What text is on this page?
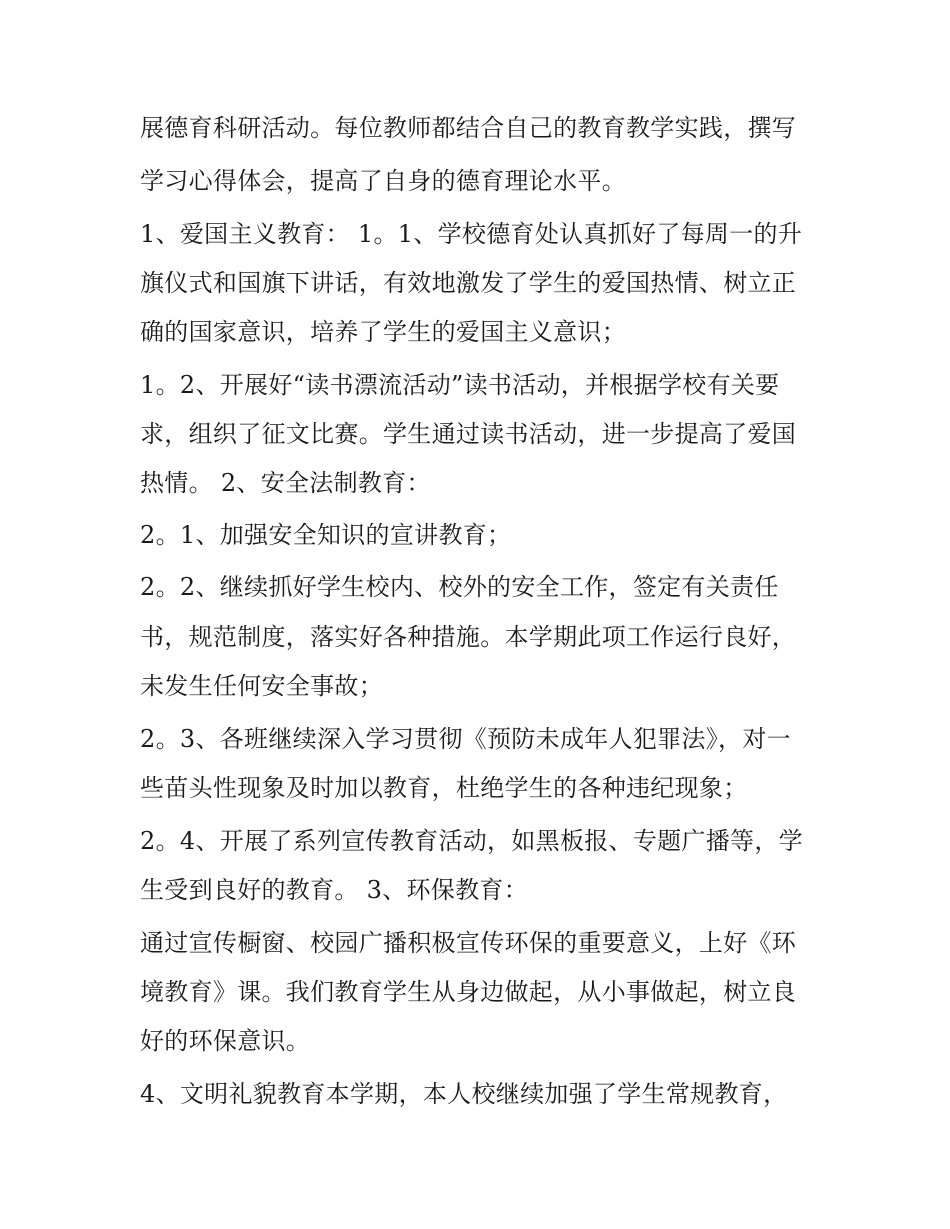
展德育科研活动。每位教师都结合自己的教育教学实践，撰写
学习心得体会，提高了自身的德育理论水平。
1、爱国主义教育： 1。1、学校德育处认真抓好了每周一的升
旗仪式和国旗下讲话，有效地激发了学生的爱国热情、树立正
确的国家意识，培养了学生的爱国主义意识；
1。2、开展好“读书漂流活动”读书活动，并根据学校有关要
求，组织了征文比赛。学生通过读书活动，进一步提高了爱国
热情。 2、安全法制教育：
2。1、加强安全知识的宣讲教育；
2。2、继续抓好学生校内、校外的安全工作，签定有关责任
书，规范制度，落实好各种措施。本学期此项工作运行良好，
未发生任何安全事故；
2。3、各班继续深入学习贯彻《预防未成年人犯罪法》，对一
些苗头性现象及时加以教育，杜绝学生的各种违纪现象；
2。4、开展了系列宣传教育活动，如黑板报、专题广播等，学
生受到良好的教育。 3、环保教育：
通过宣传橱窗、校园广播积极宣传环保的重要意义，上好《环
境教育》课。我们教育学生从身边做起，从小事做起，树立良
好的环保意识。
4、文明礼貌教育本学期，本人校继续加强了学生常规教育，
